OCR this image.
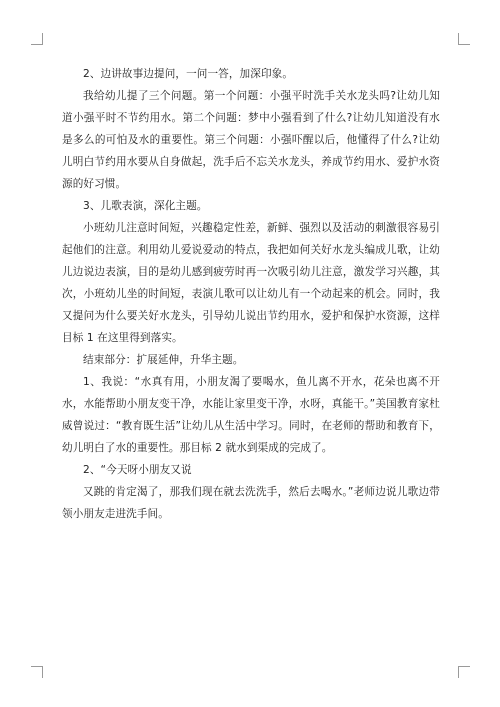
2、边讲故事边提问，一问一答，加深印象。

我给幼儿提了三个问题。第一个问题：小强平时洗手关水龙头吗?让幼儿知道小强平时不节约用水。第二个问题：梦中小强看到了什么?让幼儿知道没有水是多么的可怕及水的重要性。第三个问题：小强吓醒以后，他懂得了什么?让幼儿明白节约用水要从自身做起，洗手后不忘关水龙头，养成节约用水、爱护水资源的好习惯。

3、儿歌表演，深化主题。

小班幼儿注意时间短，兴趣稳定性差，新鲜、强烈以及活动的刺激很容易引起他们的注意。利用幼儿爱说爱动的特点，我把如何关好水龙头编成儿歌，让幼儿边说边表演，目的是幼儿感到疲劳时再一次吸引幼儿注意，激发学习兴趣，其次，小班幼儿坐的时间短，表演儿歌可以让幼儿有一个动起来的机会。同时，我又提问为什么要关好水龙头，引导幼儿说出节约用水，爱护和保护水资源，这样目标 1 在这里得到落实。

结束部分：扩展延伸，升华主题。

1、我说：“水真有用，小朋友渴了要喝水，鱼儿离不开水，花朵也离不开水，水能帮助小朋友变干净，水能让家里变干净，水呀，真能干。”美国教育家杜威曾说过：“教育既生活”让幼儿从生活中学习。同时，在老师的帮助和教育下，幼儿明白了水的重要性。那目标 2 就水到渠成的完成了。

2、“今天呀小朋友又说

又跳的肯定渴了，那我们现在就去洗洗手，然后去喝水。”老师边说儿歌边带领小朋友走进洗手间。
